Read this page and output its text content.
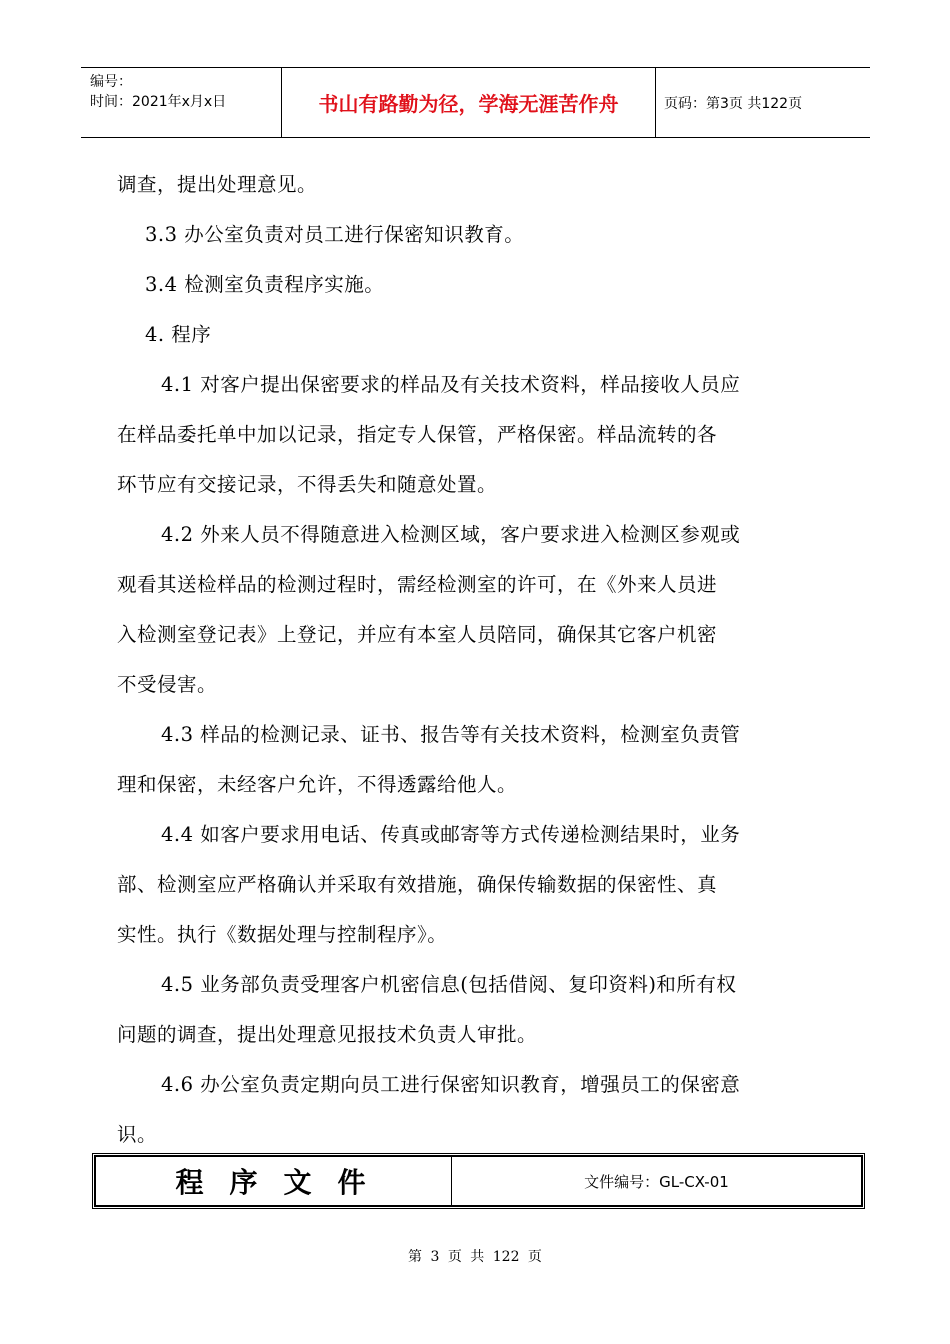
编号：
时间：2021年x月x日	书山有路勤为径，学海无涯苦作舟	页码：第3页 共122页
调查，提出处理意见。
3.3 办公室负责对员工进行保密知识教育。
3.4 检测室负责程序实施。
4. 程序
4.1 对客户提出保密要求的样品及有关技术资料，样品接收人员应
在样品委托单中加以记录，指定专人保管，严格保密。样品流转的各
环节应有交接记录，不得丢失和随意处置。
4.2 外来人员不得随意进入检测区域，客户要求进入检测区参观或
观看其送检样品的检测过程时，需经检测室的许可，在《外来人员进
入检测室登记表》上登记，并应有本室人员陪同，确保其它客户机密
不受侵害。
4.3 样品的检测记录、证书、报告等有关技术资料，检测室负责管
理和保密，未经客户允许，不得透露给他人。
4.4 如客户要求用电话、传真或邮寄等方式传递检测结果时，业务
部、检测室应严格确认并采取有效措施，确保传输数据的保密性、真
实性。执行《数据处理与控制程序》。
4.5 业务部负责受理客户机密信息(包括借阅、复印资料)和所有权
问题的调查，提出处理意见报技术负责人审批。
4.6 办公室负责定期向员工进行保密知识教育，增强员工的保密意
识。
程序文件	文件编号：GL-CX-01
第 3 页 共 122 页
